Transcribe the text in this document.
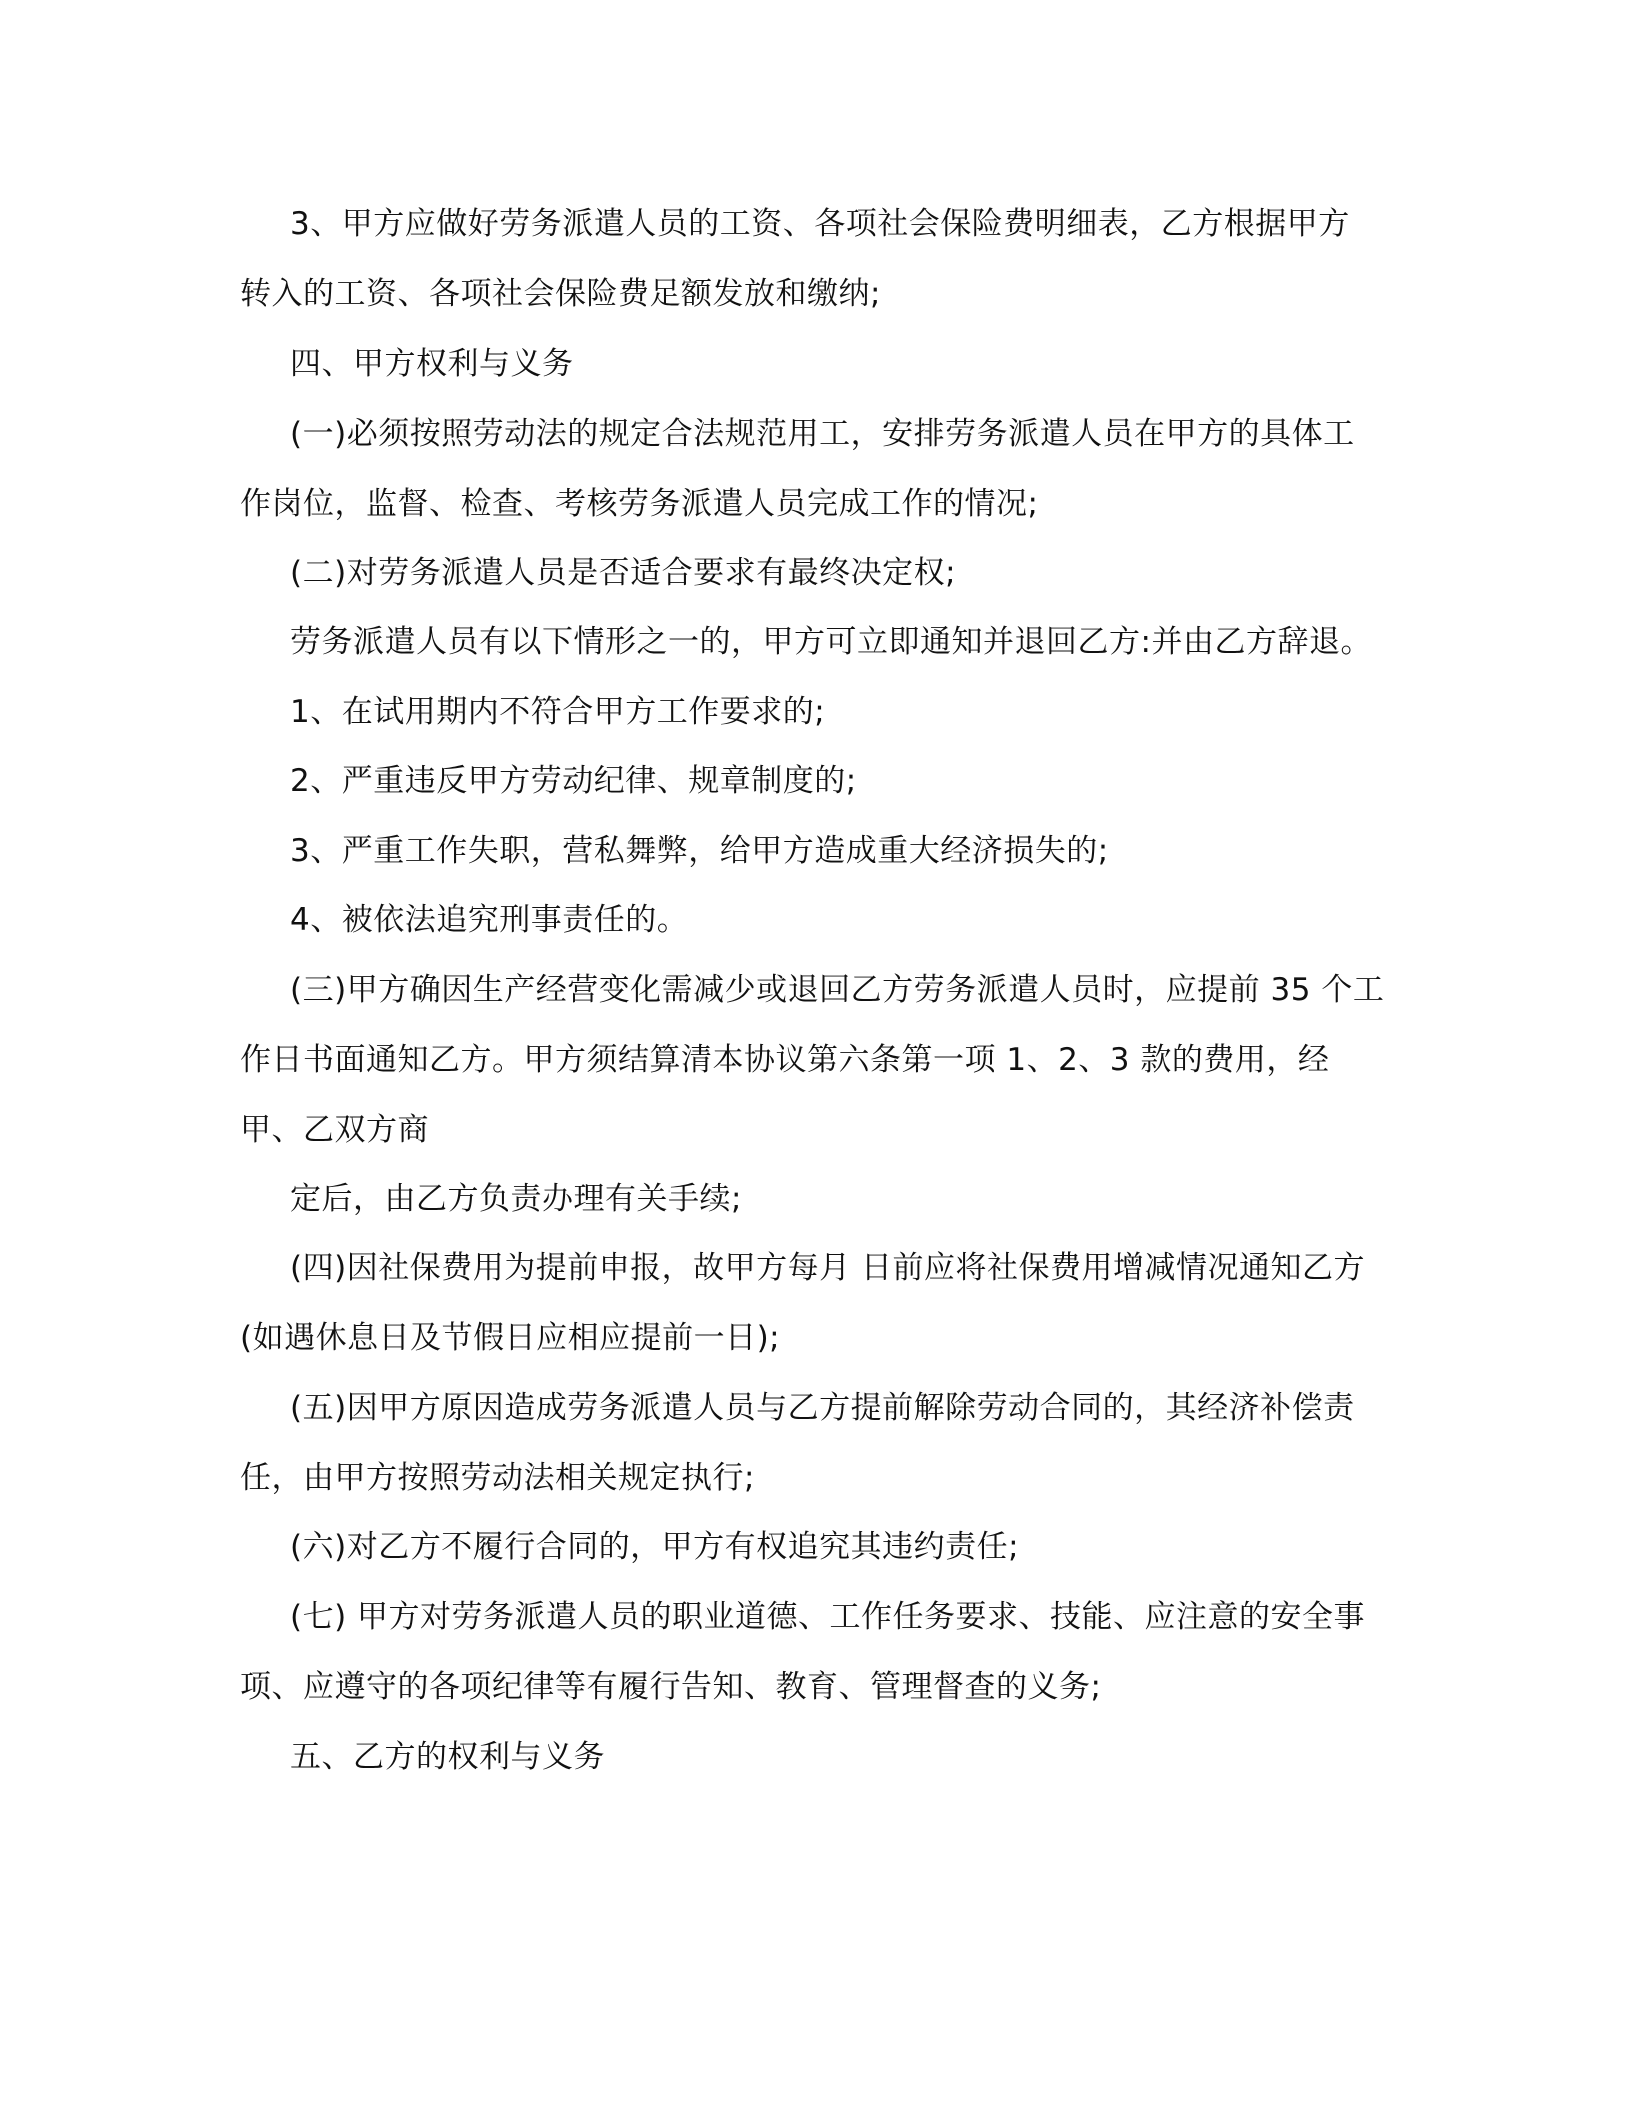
3、甲方应做好劳务派遣人员的工资、各项社会保险费明细表，乙方根据甲方
转入的工资、各项社会保险费足额发放和缴纳;
四、甲方权利与义务
(一)必须按照劳动法的规定合法规范用工，安排劳务派遣人员在甲方的具体工
作岗位，监督、检查、考核劳务派遣人员完成工作的情况;
(二)对劳务派遣人员是否适合要求有最终决定权;
劳务派遣人员有以下情形之一的，甲方可立即通知并退回乙方:并由乙方辞退。
1、在试用期内不符合甲方工作要求的;
2、严重违反甲方劳动纪律、规章制度的;
3、严重工作失职，营私舞弊，给甲方造成重大经济损失的;
4、被依法追究刑事责任的。
(三)甲方确因生产经营变化需减少或退回乙方劳务派遣人员时，应提前 35 个工
作日书面通知乙方。甲方须结算清本协议第六条第一项 1、2、3 款的费用，经
甲、乙双方商
定后，由乙方负责办理有关手续;
(四)因社保费用为提前申报，故甲方每月 日前应将社保费用增减情况通知乙方
(如遇休息日及节假日应相应提前一日);
(五)因甲方原因造成劳务派遣人员与乙方提前解除劳动合同的，其经济补偿责
任，由甲方按照劳动法相关规定执行;
(六)对乙方不履行合同的，甲方有权追究其违约责任;
(七) 甲方对劳务派遣人员的职业道德、工作任务要求、技能、应注意的安全事
项、应遵守的各项纪律等有履行告知、教育、管理督查的义务;
五、乙方的权利与义务
